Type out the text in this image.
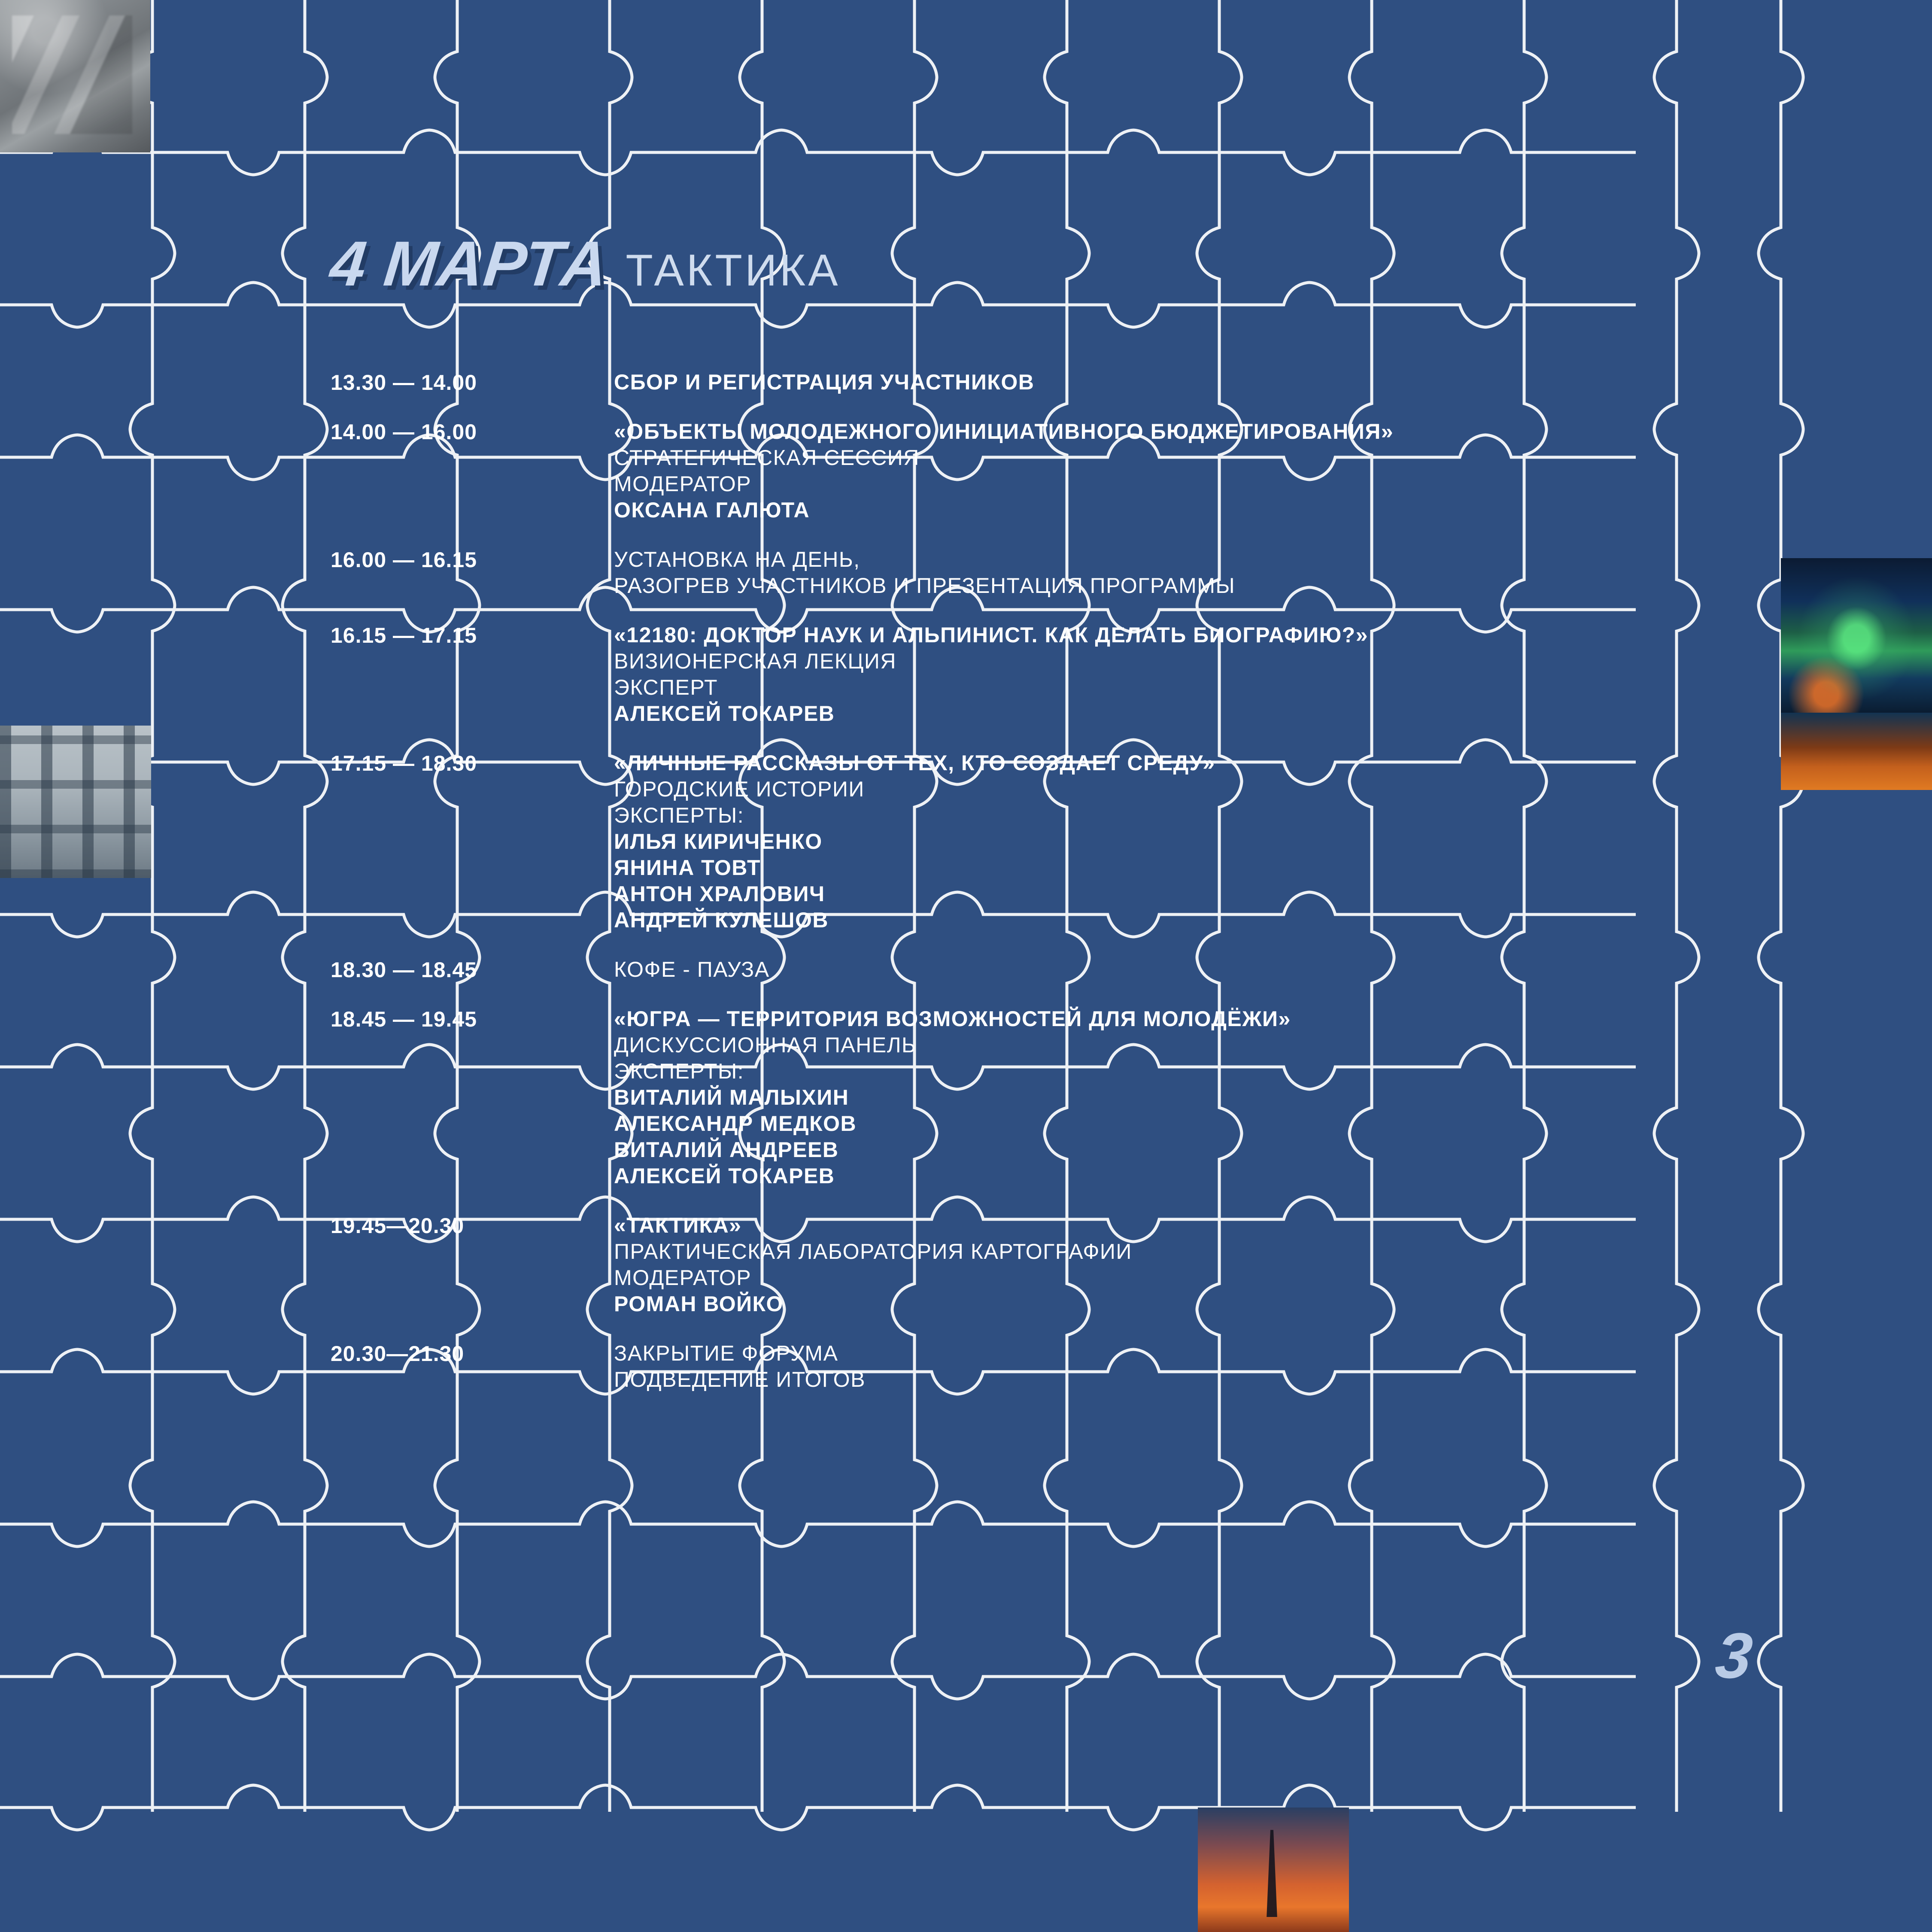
4 МАРТА ТАКТИКА
13.30 — 14.00	СБОР И РЕГИСТРАЦИЯ УЧАСТНИКОВ
14.00 — 16.00	«ОБЪЕКТЫ МОЛОДЕЖНОГО ИНИЦИАТИВНОГО БЮДЖЕТИРОВАНИЯ»
СТРАТЕГИЧЕСКАЯ СЕССИЯ
МОДЕРАТОР
ОКСАНА ГАЛЮТА
16.00 — 16.15	УСТАНОВКА НА ДЕНЬ,
РАЗОГРЕВ УЧАСТНИКОВ И ПРЕЗЕНТАЦИЯ ПРОГРАММЫ
16.15 — 17.15	«12180: ДОКТОР НАУК И АЛЬПИНИСТ. КАК ДЕЛАТЬ БИОГРАФИЮ?»
ВИЗИОНЕРСКАЯ ЛЕКЦИЯ
ЭКСПЕРТ
АЛЕКСЕЙ ТОКАРЕВ
17.15 — 18.30	«ЛИЧНЫЕ РАССКАЗЫ ОТ ТЕХ, КТО СОЗДАЕТ СРЕДУ»
ГОРОДСКИЕ ИСТОРИИ
ЭКСПЕРТЫ:
ИЛЬЯ КИРИЧЕНКО
ЯНИНА ТОВТ
АНТОН ХРАЛОВИЧ
АНДРЕЙ КУЛЕШОВ
18.30 — 18.45	КОФЕ - ПАУЗА
18.45 — 19.45	«ЮГРА — ТЕРРИТОРИЯ ВОЗМОЖНОСТЕЙ ДЛЯ МОЛОДЁЖИ»
ДИСКУССИОННАЯ ПАНЕЛЬ
ЭКСПЕРТЫ:
ВИТАЛИЙ МАЛЫХИН
АЛЕКСАНДР МЕДКОВ
ВИТАЛИЙ АНДРЕЕВ
АЛЕКСЕЙ ТОКАРЕВ
19.45—20.30	«ТАКТИКА»
ПРАКТИЧЕСКАЯ ЛАБОРАТОРИЯ КАРТОГРАФИИ
МОДЕРАТОР
РОМАН ВОЙКО
20.30—21.30	ЗАКРЫТИЕ ФОРУМА
ПОДВЕДЕНИЕ ИТОГОВ
3
